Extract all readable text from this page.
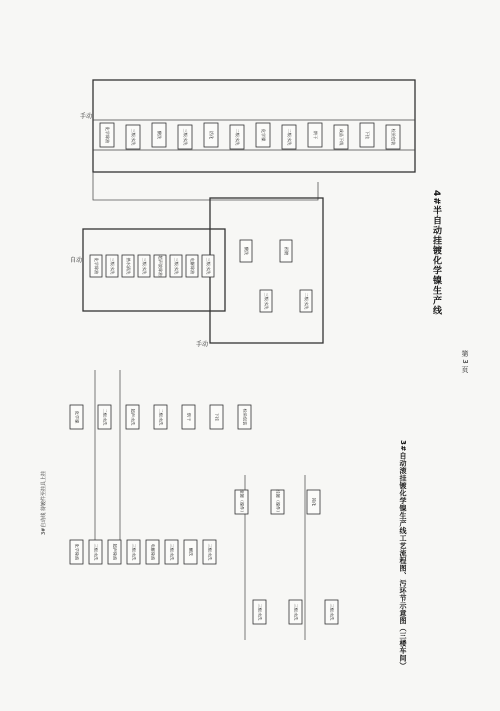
化学除油	三级水洗	酸洗	三级水洗	活化	二级水洗	化学镍	二级水洗	烘干	成品下线	下挂	检验包装
手动
化学除油	三级水洗	热水清洗	三级水洗	超声波除油	三级水洗	电解除油	三级水洗
酸洗
三级水洗
预镀
二级水洗
自动
手动
化学除油	三级水洗	超声除油	三级水洗	电解除油	三级水洗	酸洗	三级水洗
滚镀（镍件）
三级水洗
挂镀（镍件）
三级水洗
钝化
三级水洗
化学镍	二级水洗	超声水洗	二级水洗	烘干	下挂	检验包装
3#自动线 待镀件至挂具上挂
4#半自动挂镀化学镍生产线
3#自动滚挂镀化学镍生产线工艺流程图、污环节示意图（三楼车间）
第 3 页
